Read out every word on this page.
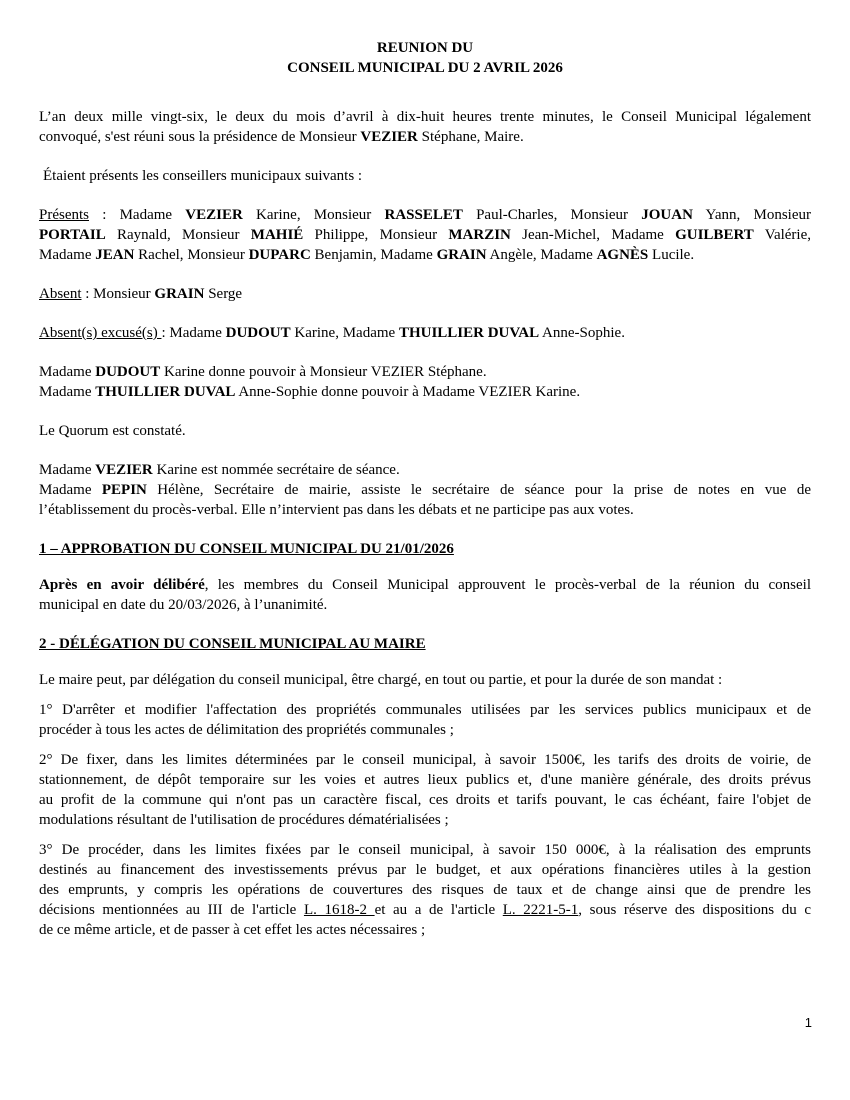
REUNION DU
CONSEIL MUNICIPAL DU 2 AVRIL 2026

L’an deux mille vingt-six, le deux du mois d’avril à dix-huit heures trente minutes, le Conseil Municipal légalement
convoqué, s'est réuni sous la présidence de Monsieur VEZIER Stéphane, Maire.

Étaient présents les conseillers municipaux suivants :

Présents : Madame VEZIER Karine, Monsieur RASSELET Paul-Charles, Monsieur JOUAN Yann, Monsieur
PORTAIL Raynald, Monsieur MAHIÉ Philippe, Monsieur MARZIN Jean-Michel, Madame GUILBERT Valérie,
Madame JEAN Rachel, Monsieur DUPARC Benjamin, Madame GRAIN Angèle, Madame AGNÈS Lucile.

Absent : Monsieur GRAIN Serge

Absent(s) excusé(s) : Madame DUDOUT Karine, Madame THUILLIER DUVAL Anne-Sophie.

Madame DUDOUT Karine donne pouvoir à Monsieur VEZIER Stéphane.
Madame THUILLIER DUVAL Anne-Sophie donne pouvoir à Madame VEZIER Karine.

Le Quorum est constaté.

Madame VEZIER Karine est nommée secrétaire de séance.
Madame PEPIN Hélène, Secrétaire de mairie, assiste le secrétaire de séance pour la prise de notes en vue de
l’établissement du procès-verbal. Elle n’intervient pas dans les débats et ne participe pas aux votes.

1 – APPROBATION DU CONSEIL MUNICIPAL DU 21/01/2026

Après en avoir délibéré, les membres du Conseil Municipal approuvent le procès-verbal de la réunion du conseil
municipal en date du 20/03/2026, à l’unanimité.

2 - DÉLÉGATION DU CONSEIL MUNICIPAL AU MAIRE

Le maire peut, par délégation du conseil municipal, être chargé, en tout ou partie, et pour la durée de son mandat :

1° D'arrêter et modifier l'affectation des propriétés communales utilisées par les services publics municipaux et de
procéder à tous les actes de délimitation des propriétés communales ;

2° De fixer, dans les limites déterminées par le conseil municipal, à savoir 1500€, les tarifs des droits de voirie, de
stationnement, de dépôt temporaire sur les voies et autres lieux publics et, d'une manière générale, des droits prévus
au profit de la commune qui n'ont pas un caractère fiscal, ces droits et tarifs pouvant, le cas échéant, faire l'objet de
modulations résultant de l'utilisation de procédures dématérialisées ;

3° De procéder, dans les limites fixées par le conseil municipal, à savoir 150 000€, à la réalisation des emprunts
destinés au financement des investissements prévus par le budget, et aux opérations financières utiles à la gestion
des emprunts, y compris les opérations de couvertures des risques de taux et de change ainsi que de prendre les
décisions mentionnées au III de l'article L. 1618-2 et au a de l'article L. 2221-5-1, sous réserve des dispositions du c
de ce même article, et de passer à cet effet les actes nécessaires ;

1
